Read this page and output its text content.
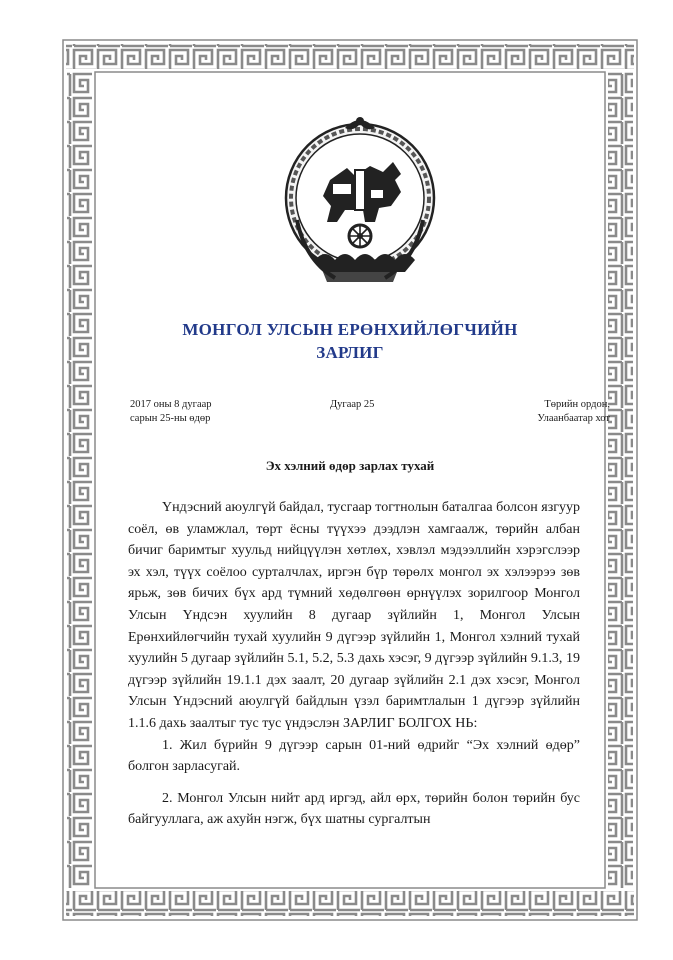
МОНГОЛ УЛСЫН ЕРӨНХИЙЛӨГЧИЙН
ЗАРЛИГ
2017 оны 8 дугаар
сарын 25-ны өдөр
Дугаар 25	Төрийн ордон,
Улаанбаатар хот
Эх хэлний өдөр зарлах тухай

Үндэсний аюулгүй байдал, тусгаар тогтнолын баталгаа болсон язгуур соёл, өв уламжлал, төрт ёсны түүхээ дээдлэн хамгаалж, төрийн албан бичиг баримтыг хуульд нийцүүлэн хөтлөх, хэвлэл мэдээллийн хэрэгслээр эх хэл, түүх соёлоо сурталчлах, иргэн бүр төрөлх монгол эх хэлээрээ зөв ярьж, зөв бичих бүх ард түмний хөдөлгөөн өрнүүлэх зорилгоор Монгол Улсын Үндсэн хуулийн 8 дугаар зүйлийн 1, Монгол Улсын Ерөнхийлөгчийн тухай хуулийн 9 дүгээр зүйлийн 1, Монгол хэлний тухай хуулийн 5 дугаар зүйлийн 5.1, 5.2, 5.3 дахь хэсэг, 9 дүгээр зүйлийн 9.1.3, 19 дүгээр зүйлийн 19.1.1 дэх заалт, 20 дугаар зүйлийн 2.1 дэх хэсэг, Монгол Улсын Үндэсний аюулгүй байдлын үзэл баримтлалын 1 дүгээр зүйлийн 1.1.6 дахь заалтыг тус тус үндэслэн ЗАРЛИГ БОЛГОХ НЬ:

1. Жил бүрийн 9 дүгээр сарын 01-ний өдрийг “Эх хэлний өдөр” болгон зарласугай.

2. Монгол Улсын нийт ард иргэд, айл өрх, төрийн болон төрийн бус байгууллага, аж ахуйн нэгж, бүх шатны сургалтын
